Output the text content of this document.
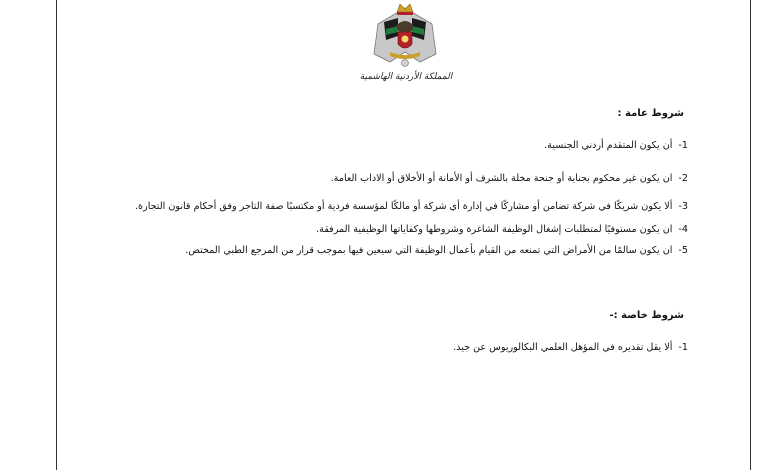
المملكة الأردنية الهاشمية
شروط عامة :
1-أن يكون المتقدم أردني الجنسية.
2-ان يكون غير محكوم بجناية أو جنحة مخلة بالشرف أو الأمانة أو الأخلاق أو الاداب العامة.
3-ألا يكون شريكًا في شركة تضامن أو مشاركًا في إدارة أي شركة أو مالكًا لمؤسسة فردية أو مكتسبًا صفة التاجر وفق أحكام قانون التجارة.
4-ان يكون مستوفيًا لمتطلبات إشغال الوظيفة الشاغرة وشروطها وكفاياتها الوظيفية المرفقة.
5-ان يكون سالمًا من الأمراض التي تمنعه من القيام بأعمال الوظيفة التي سيعين فيها بموجب قرار من المرجع الطبي المختص.
شروط خاصة :-
1-ألا يقل تقديره في المؤهل العلمي البكالوريوس عن جيد.
